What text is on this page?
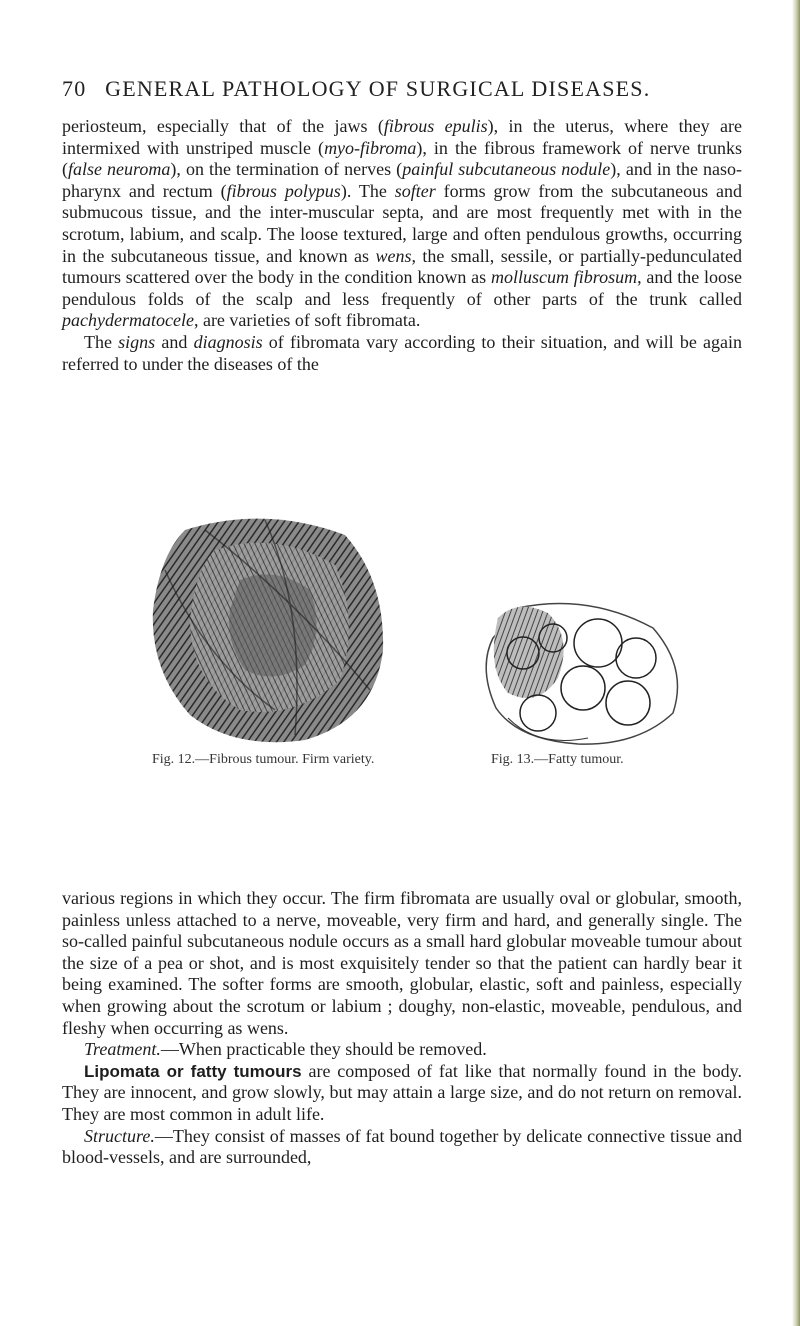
70 GENERAL PATHOLOGY OF SURGICAL DISEASES.

periosteum, especially that of the jaws (fibrous epulis), in the uterus, where they are intermixed with unstriped muscle (myo-fibroma), in the fibrous framework of nerve trunks (false neuroma), on the termination of nerves (painful subcutaneous nodule), and in the naso-pharynx and rectum (fibrous polypus). The softer forms grow from the subcutaneous and submucous tissue, and the inter-muscular septa, and are most frequently met with in the scrotum, labium, and scalp. The loose textured, large and often pendulous growths, occurring in the subcutaneous tissue, and known as wens, the small, sessile, or partially-pedunculated tumours scattered over the body in the condition known as molluscum fibrosum, and the loose pendulous folds of the scalp and less frequently of other parts of the trunk called pachydermatocele, are varieties of soft fibromata.

The signs and diagnosis of fibromata vary according to their situation, and will be again referred to under the diseases of the

Fig. 12.—Fibrous tumour. Firm variety.	Fig. 13.—Fatty tumour.

various regions in which they occur. The firm fibromata are usually oval or globular, smooth, painless unless attached to a nerve, moveable, very firm and hard, and generally single. The so-called painful subcutaneous nodule occurs as a small hard globular moveable tumour about the size of a pea or shot, and is most exquisitely tender so that the patient can hardly bear it being examined. The softer forms are smooth, globular, elastic, soft and painless, especially when growing about the scrotum or labium ; doughy, non-elastic, moveable, pendulous, and fleshy when occurring as wens.

Treatment.—When practicable they should be removed.

Lipomata or fatty tumours are composed of fat like that normally found in the body. They are innocent, and grow slowly, but may attain a large size, and do not return on removal. They are most common in adult life.

Structure.—They consist of masses of fat bound together by delicate connective tissue and blood-vessels, and are surrounded,
